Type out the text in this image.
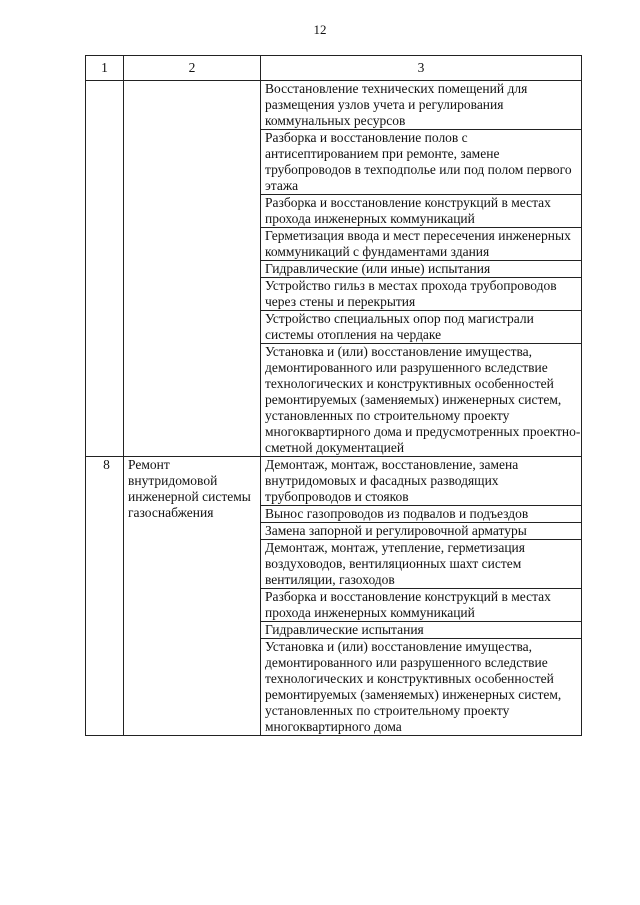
12
1	2	3
		Восстановление технических помещений для размещения узлов учета и регулирования коммунальных ресурсов
		Разборка и восстановление полов с антисептированием при ремонте, замене трубопроводов в техподполье или под полом первого этажа
		Разборка и восстановление конструкций в местах прохода инженерных коммуникаций
		Герметизация ввода и мест пересечения инженерных коммуникаций с фундаментами здания
		Гидравлические (или иные) испытания
		Устройство гильз в местах прохода трубопроводов через стены и перекрытия
		Устройство специальных опор под магистрали системы отопления на чердаке
		Установка и (или) восстановление имущества, демонтированного или разрушенного вследствие технологических и конструктивных особенностей ремонтируемых (заменяемых) инженерных систем, установленных по строительному проекту многоквартирного дома и предусмотренных проектно-сметной документацией
8	Ремонт внутридомовой инженерной системы газоснабжения	Демонтаж, монтаж, восстановление, замена внутридомовых и фасадных разводящих трубопроводов и стояков
		Вынос газопроводов из подвалов и подъездов
		Замена запорной и регулировочной арматуры
		Демонтаж, монтаж, утепление, герметизация воздуховодов, вентиляционных шахт систем вентиляции, газоходов
		Разборка и восстановление конструкций в местах прохода инженерных коммуникаций
		Гидравлические испытания
		Установка и (или) восстановление имущества, демонтированного или разрушенного вследствие технологических и конструктивных особенностей ремонтируемых (заменяемых) инженерных систем, установленных по строительному проекту многоквартирного дома
